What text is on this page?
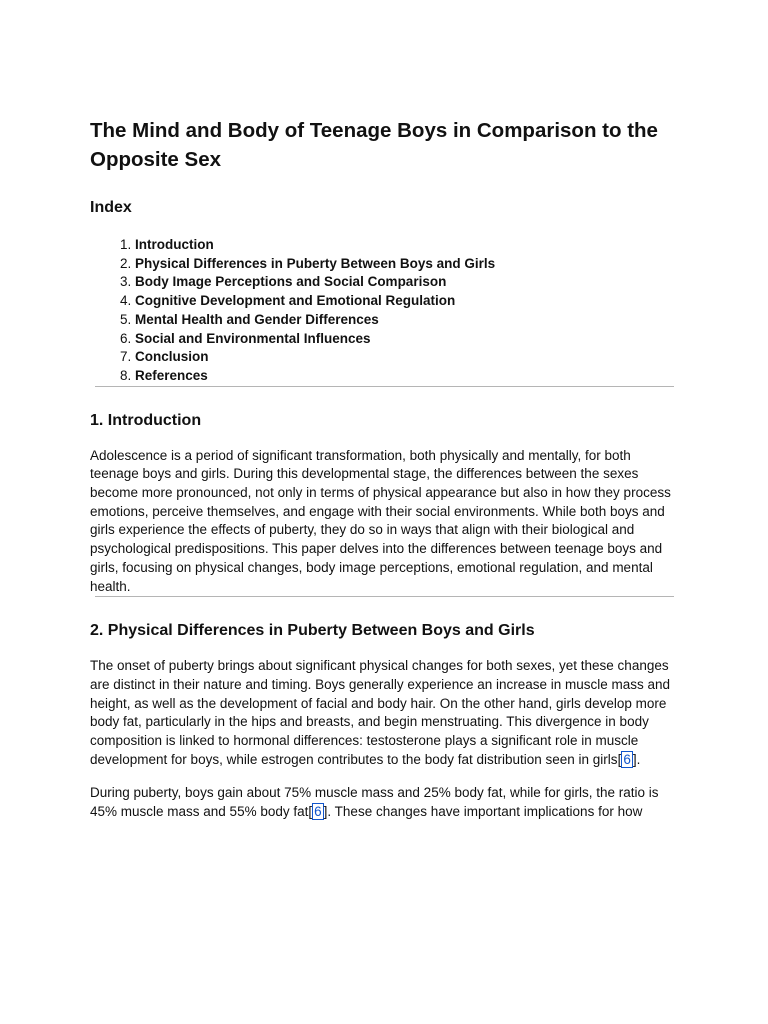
The Mind and Body of Teenage Boys in Comparison to the Opposite Sex
Index
1. Introduction
2. Physical Differences in Puberty Between Boys and Girls
3. Body Image Perceptions and Social Comparison
4. Cognitive Development and Emotional Regulation
5. Mental Health and Gender Differences
6. Social and Environmental Influences
7. Conclusion
8. References
1. Introduction

Adolescence is a period of significant transformation, both physically and mentally, for both teenage boys and girls. During this developmental stage, the differences between the sexes become more pronounced, not only in terms of physical appearance but also in how they process emotions, perceive themselves, and engage with their social environments. While both boys and girls experience the effects of puberty, they do so in ways that align with their biological and psychological predispositions. This paper delves into the differences between teenage boys and girls, focusing on physical changes, body image perceptions, emotional regulation, and mental health.

2. Physical Differences in Puberty Between Boys and Girls

The onset of puberty brings about significant physical changes for both sexes, yet these changes are distinct in their nature and timing. Boys generally experience an increase in muscle mass and height, as well as the development of facial and body hair. On the other hand, girls develop more body fat, particularly in the hips and breasts, and begin menstruating. This divergence in body composition is linked to hormonal differences: testosterone plays a significant role in muscle development for boys, while estrogen contributes to the body fat distribution seen in girls[ 6 ].

During puberty, boys gain about 75% muscle mass and 25% body fat, while for girls, the ratio is 45% muscle mass and 55% body fat[ 6 ]. These changes have important implications for how
